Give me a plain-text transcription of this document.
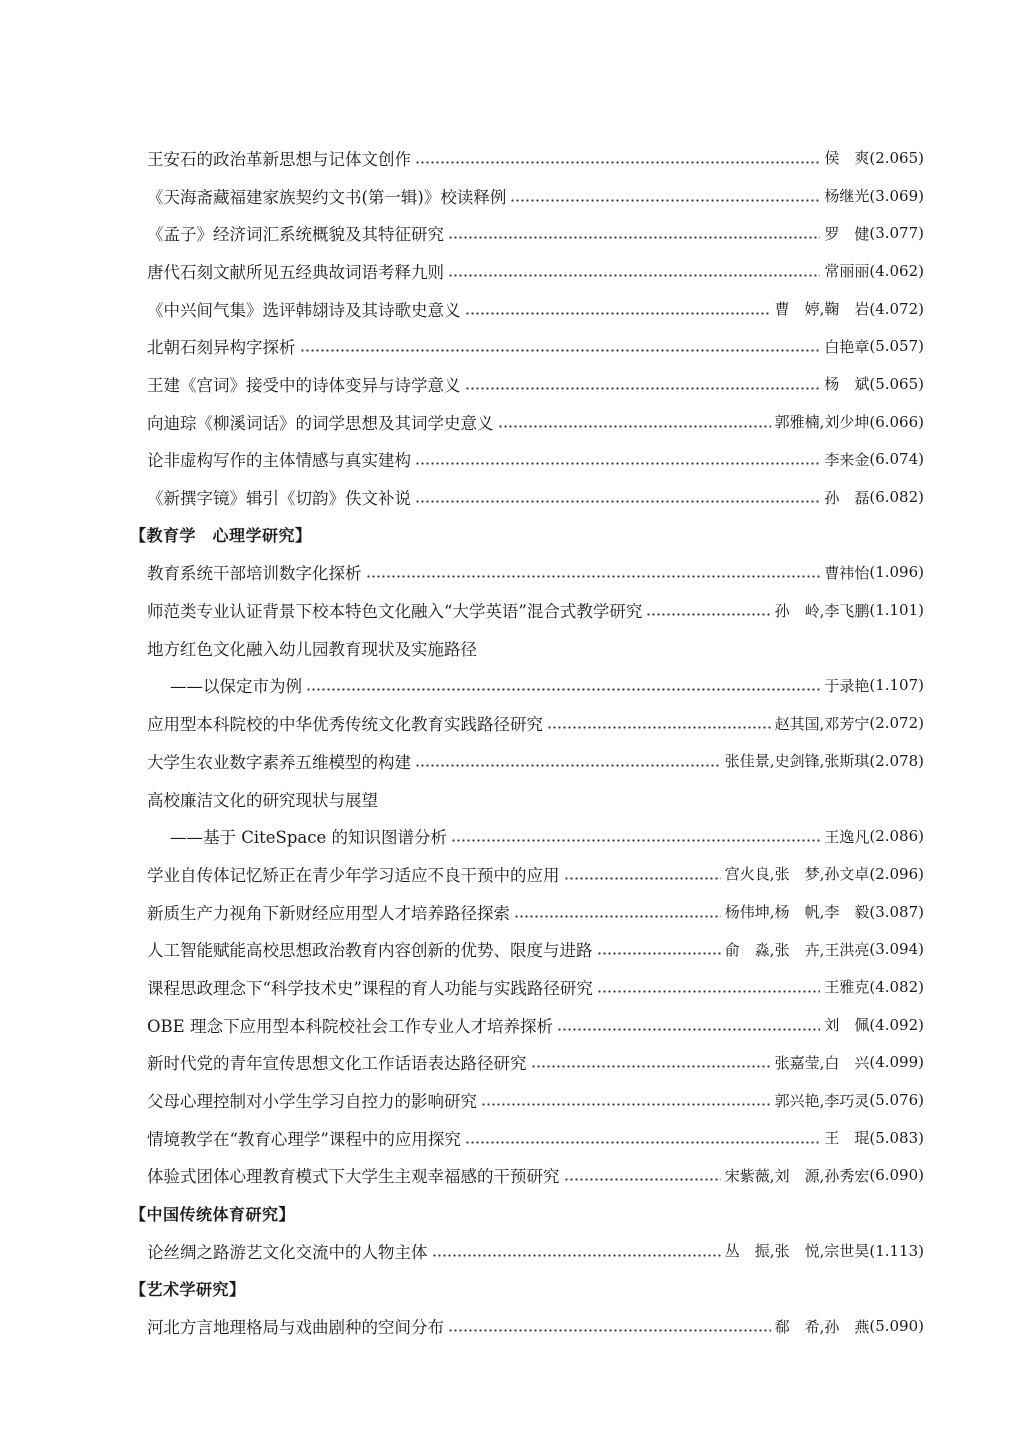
王安石的政治革新思想与记体文创作	侯　爽 (2.065)
《天海斋藏福建家族契约文书(第一辑)》校读释例	杨继光 (3.069)
《孟子》经济词汇系统概貌及其特征研究	罗　健 (3.077)
唐代石刻文献所见五经典故词语考释九则	常丽丽 (4.062)
《中兴间气集》选评韩翃诗及其诗歌史意义	曹　婷,鞠　岩 (4.072)
北朝石刻异构字探析	白艳章 (5.057)
王建《宫词》接受中的诗体变异与诗学意义	杨　斌 (5.065)
向迪琮《柳溪词话》的词学思想及其词学史意义	郭雅楠,刘少坤 (6.066)
论非虚构写作的主体情感与真实建构	李来金 (6.074)
《新撰字镜》辑引《切韵》佚文补说	孙　磊 (6.082)
【教育学　心理学研究】
教育系统干部培训数字化探析	曹祎怡 (1.096)
师范类专业认证背景下校本特色文化融入“大学英语”混合式教学研究	孙　岭,李飞鹏 (1.101)
地方红色文化融入幼儿园教育现状及实施路径
——以保定市为例	于录艳 (1.107)
应用型本科院校的中华优秀传统文化教育实践路径研究	赵其国,邓芳宁 (2.072)
大学生农业数字素养五维模型的构建	张佳景,史剑锋,张斯琪 (2.078)
高校廉洁文化的研究现状与展望
——基于 CiteSpace 的知识图谱分析	王逸凡 (2.086)
学业自传体记忆矫正在青少年学习适应不良干预中的应用	宫火良,张　梦,孙文卓 (2.096)
新质生产力视角下新财经应用型人才培养路径探索	杨伟坤,杨　帆,李　毅 (3.087)
人工智能赋能高校思想政治教育内容创新的优势、限度与进路	俞　淼,张　卉,王洪亮 (3.094)
课程思政理念下“科学技术史”课程的育人功能与实践路径研究	王雅克 (4.082)
OBE 理念下应用型本科院校社会工作专业人才培养探析	刘　佩 (4.092)
新时代党的青年宣传思想文化工作话语表达路径研究	张嘉莹,白　兴 (4.099)
父母心理控制对小学生学习自控力的影响研究	郭兴艳,李巧灵 (5.076)
情境教学在“教育心理学”课程中的应用探究	王　琨 (5.083)
体验式团体心理教育模式下大学生主观幸福感的干预研究	宋紫薇,刘　源,孙秀宏 (6.090)
【中国传统体育研究】
论丝绸之路游艺文化交流中的人物主体	丛　振,张　悦,宗世昊 (1.113)
【艺术学研究】
河北方言地理格局与戏曲剧种的空间分布	郗　希,孙　燕 (5.090)
